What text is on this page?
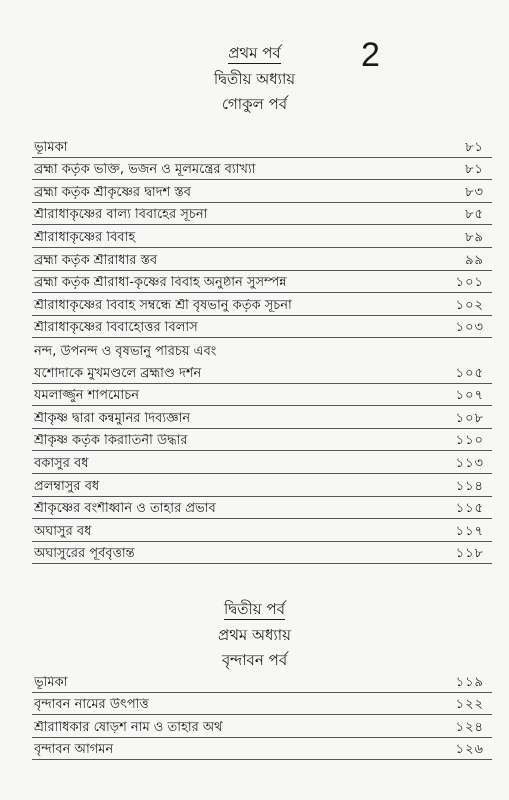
2
প্রথম পর্ব
দ্বিতীয় অধ্যায়
গোকুল পর্ব
ভূমিকা	৮১
ব্রহ্মা কর্তৃক ভক্তি, ভজন ও মূলমন্ত্রের ব্যাখ্যা	৮১
ব্রহ্মা কর্তৃক শ্রীকৃষ্ণের দ্বাদশ স্তব	৮৩
শ্রীরাধাকৃষ্ণের বাল্য বিবাহের সূচনা	৮৫
শ্রীরাধাকৃষ্ণের বিবাহ	৮৯
ব্রহ্মা কর্তৃক শ্রীরাধার স্তব	৯৯
ব্রহ্মা কর্তৃক শ্রীরাধা-কৃষ্ণের বিবাহ অনুষ্ঠান সুসম্পন্ন	১০১
শ্রীরাধাকৃষ্ণের বিবাহ সম্বন্ধে শ্রী বৃষভানু কর্তৃক সূচনা	১০২
শ্রীরাধাকৃষ্ণের বিবাহোত্তর বিলাস	১০৩
নন্দ, উপনন্দ ও বৃষভানু পরিচয় এবং
যশোদাকে মুখমণ্ডলে ব্রহ্মাণ্ড দর্শন	১০৫
যমলার্জ্জুন শাপমোচন	১০৭
শ্রীকৃষ্ণ দ্বারা কন্বমুনির দিব্যজ্ঞান	১০৮
শ্রীকৃষ্ণ কর্তৃক কিরাতিনী উদ্ধার	১১০
বকাসুর বধ	১১৩
প্রলম্বাসুর বধ	১১৪
শ্রীকৃষ্ণের বংশীধ্বনি ও তাহার প্রভাব	১১৫
অঘাসুর বধ	১১৭
অঘাসুরের পূর্ববৃত্তান্ত	১১৮
দ্বিতীয় পর্ব
প্রথম অধ্যায়
বৃন্দাবন পর্ব
ভূমিকা	১১৯
বৃন্দাবন নামের উৎপত্তি	১২২
শ্রীরাধিকার ষোড়শ নাম ও তাহার অর্থ	১২৪
বৃন্দাবন আগমন	১২৬
